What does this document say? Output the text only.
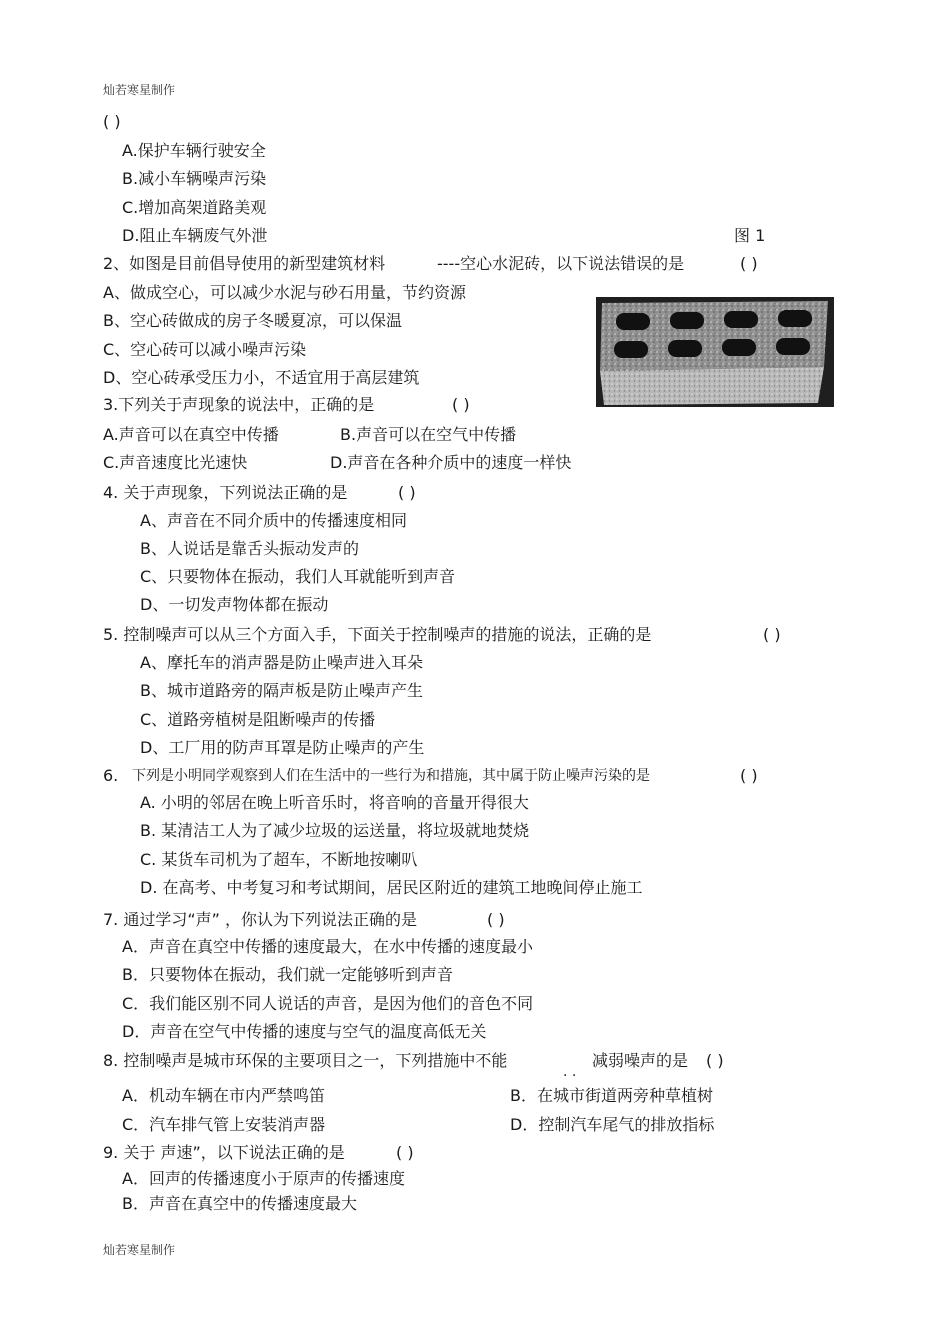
灿若寒星制作
( )
A.保护车辆行驶安全
B.减小车辆噪声污染
C.增加高架道路美观
D.阻止车辆废气外泄	图 1
2、如图是目前倡导使用的新型建筑材料	----空心水泥砖，以下说法错误的是	( )
A、做成空心，可以减少水泥与砂石用量，节约资源
B、空心砖做成的房子冬暖夏凉，可以保温
C、空心砖可以减小噪声污染
D、空心砖承受压力小，不适宜用于高层建筑
3.下列关于声现象的说法中，正确的是	( )
A.声音可以在真空中传播	B.声音可以在空气中传播
C.声音速度比光速快	D.声音在各种介质中的速度一样快
4. 关于声现象，下列说法正确的是	( )
A、声音在不同介质中的传播速度相同
B、人说话是靠舌头振动发声的
C、只要物体在振动，我们人耳就能听到声音
D、一切发声物体都在振动
5. 控制噪声可以从三个方面入手，下面关于控制噪声的措施的说法，正确的是	( )
A、摩托车的消声器是防止噪声进入耳朵
B、城市道路旁的隔声板是防止噪声产生
C、道路旁植树是阻断噪声的传播
D、工厂用的防声耳罩是防止噪声的产生
6. 下列是小明同学观察到人们在生活中的一些行为和措施，其中属于防止噪声污染的是	( )
A. 小明的邻居在晚上听音乐时，将音响的音量开得很大
B. 某清洁工人为了减少垃圾的运送量，将垃圾就地焚烧
C. 某货车司机为了超车，不断地按喇叭
D. 在高考、中考复习和考试期间，居民区附近的建筑工地晚间停止施工
7. 通过学习“声” ，你认为下列说法正确的是	( )
A．声音在真空中传播的速度最大，在水中传播的速度最小
B．只要物体在振动，我们就一定能够听到声音
C．我们能区别不同人说话的声音，是因为他们的音色不同
D．声音在空气中传播的速度与空气的温度高低无关
8. 控制噪声是城市环保的主要项目之一，下列措施中不能
. .
减弱噪声的是 ( )
A．机动车辆在市内严禁鸣笛	B．在城市街道两旁种草植树
C．汽车排气管上安装消声器	D．控制汽车尾气的排放指标
9. 关于 声速”，以下说法正确的是	( )
A．回声的传播速度小于原声的传播速度
B．声音在真空中的传播速度最大
灿若寒星制作
